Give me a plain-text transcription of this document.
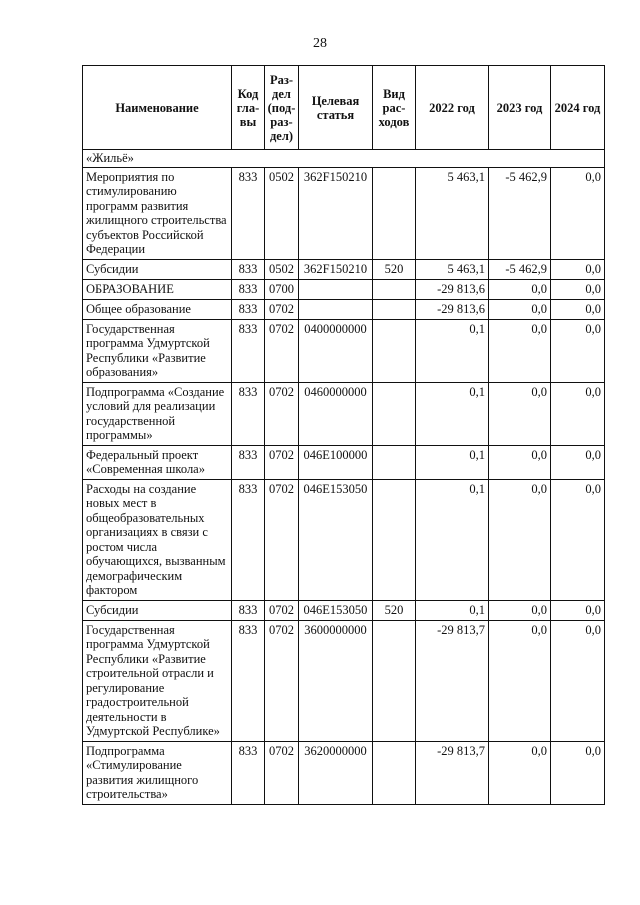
28
Наименование	Код гла-вы	Раз-дел (под-раз-дел)	Целевая статья	Вид рас-ходов	2022 год	2023 год	2024 год
«Жильё»							
Мероприятия по стимулированию программ развития жилищного строительства субъектов Российской Федерации	833	0502	362F150210		5 463,1	-5 462,9	0,0
Субсидии	833	0502	362F150210	520	5 463,1	-5 462,9	0,0
ОБРАЗОВАНИЕ	833	0700			-29 813,6	0,0	0,0
Общее образование	833	0702			-29 813,6	0,0	0,0
Государственная программа Удмуртской Республики «Развитие образования»	833	0702	0400000000		0,1	0,0	0,0
Подпрограмма «Создание условий для реализации государственной программы»	833	0702	0460000000		0,1	0,0	0,0
Федеральный проект «Современная школа»	833	0702	046E100000		0,1	0,0	0,0
Расходы на создание новых мест в общеобразовательных организациях в связи с ростом числа обучающихся, вызванным демографическим фактором	833	0702	046E153050		0,1	0,0	0,0
Субсидии	833	0702	046E153050	520	0,1	0,0	0,0
Государственная программа Удмуртской Республики «Развитие строительной отрасли и регулирование градостроительной деятельности в Удмуртской Республике»	833	0702	3600000000		-29 813,7	0,0	0,0
Подпрограмма «Стимулирование развития жилищного строительства»	833	0702	3620000000		-29 813,7	0,0	0,0
